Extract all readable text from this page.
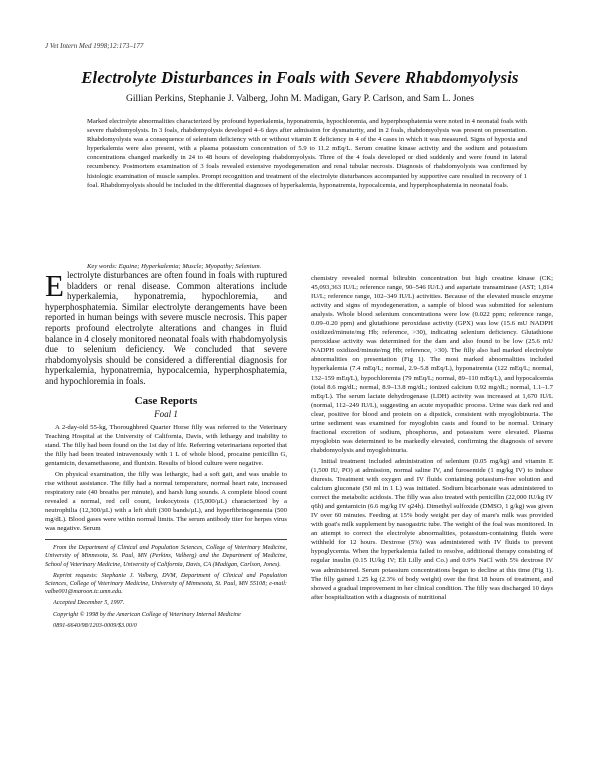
J Vet Intern Med 1998;12:173–177
Electrolyte Disturbances in Foals with Severe Rhabdomyolysis
Gillian Perkins, Stephanie J. Valberg, John M. Madigan, Gary P. Carlson, and Sam L. Jones
Marked electrolyte abnormalities characterized by profound hyperkalemia, hyponatremia, hypochloremia, and hyperphosphatemia were noted in 4 neonatal foals with severe rhabdomyolysis. In 3 foals, rhabdomyolysis developed 4–6 days after admission for dysmaturity, and in 2 foals, rhabdomyolysis was present on presentation. Rhabdomyolysis was a consequence of selenium deficiency with or without vitamin E deficiency in 4 of the 4 cases in which it was measured. Signs of hypoxia and hyperkalemia were also present, with a plasma potassium concentration of 5.9 to 11.2 mEq/L. Serum creatine kinase activity and the sodium and potassium concentrations changed markedly in 24 to 48 hours of developing rhabdomyolysis. Three of the 4 foals developed or died suddenly and were found in lateral recumbency. Postmortem examination of 3 foals revealed extensive myodegeneration and renal tubular necrosis. Diagnosis of rhabdomyolysis was confirmed by histologic examination of muscle samples. Prompt recognition and treatment of the electrolyte disturbances accompanied by supportive care resulted in recovery of 1 foal. Rhabdomyolysis should be included in the differential diagnoses of hyperkalemia, hyponatremia, hypocalcemia, and hyperphosphatemia in neonatal foals.
Key words: Equine; Hyperkalemia; Muscle; Myopathy; Selenium.
Electrolyte disturbances are often found in foals with ruptured bladders or renal disease. Common alterations include hyperkalemia, hyponatremia, hypochloremia, and hyperphosphatemia. Similar electrolyte derangements have been reported in human beings with severe muscle necrosis. This paper reports profound electrolyte alterations and changes in fluid balance in 4 closely monitored neonatal foals with rhabdomyolysis due to selenium deficiency. We concluded that severe rhabdomyolysis should be considered a differential diagnosis for hyperkalemia, hyponatremia, hypocalcemia, hyperphosphatemia, and hypochloremia in foals.
Case Reports
Foal 1

A 2-day-old 55-kg, Thoroughbred Quarter Horse filly was referred to the Veterinary Teaching Hospital at the University of California, Davis, with lethargy and inability to stand. The filly had been found on the 1st day of life. Referring veterinarians reported that the filly had been treated intravenously with 1 L of whole blood, procaine penicillin G, gentamicin, dexamethasone, and flunixin. Results of blood culture were negative.

On physical examination, the filly was lethargic, had a soft gait, and was unable to rise without assistance. The filly had a normal temperature, normal heart rate, increased respiratory rate (40 breaths per minute), and harsh lung sounds. A complete blood count revealed a normal, red cell count, leukocytosis (15,000/µL) characterized by a neutrophilia (12,300/µL) with a left shift (300 bands/µL), and hyperfibrinogenemia (500 mg/dL). Blood gases were within normal limits. The serum antibody titer for herpes virus was negative. Serum

From the Department of Clinical and Population Sciences, College of Veterinary Medicine, University of Minnesota, St. Paul, MN (Perkins, Valberg) and the Department of Medicine, School of Veterinary Medicine, University of California, Davis, CA (Madigan, Carlson, Jones).

Reprint requests: Stephanie J. Valberg, DVM, Department of Clinical and Population Sciences, College of Veterinary Medicine, University of Minnesota, St. Paul, MN 55108; e-mail: valbe001@maroon.tc.umn.edu.

Accepted December 5, 1997.

Copyright © 1998 by the American College of Veterinary Internal Medicine

0891-6640/98/1203-0009/$3.00/0

chemistry revealed normal bilirubin concentration but high creatine kinase (CK; 45,093,363 IU/L; reference range, 90–546 IU/L) and aspartate transaminase (AST; 1,814 IU/L; reference range, 102–349 IU/L) activities. Because of the elevated muscle enzyme activity and signs of myodegeneration, a sample of blood was submitted for selenium analysis. Whole blood selenium concentrations were low (0.022 ppm; reference range, 0.09–0.20 ppm) and glutathione peroxidase activity (GPX) was low (15.6 mU NADPH oxidized/minute/mg Hb; reference, >30), indicating selenium deficiency. Glutathione peroxidase activity was determined for the dam and also found to be low (25.6 mU NADPH oxidized/minute/mg Hb; reference, >30). The filly also had marked electrolyte abnormalities on presentation (Fig 1). The most marked abnormalities included hyperkalemia (7.4 mEq/L; normal, 2.9–5.8 mEq/L), hyponatremia (122 mEq/L; normal, 132–159 mEq/L), hypochloremia (79 mEq/L; normal, 89–110 mEq/L), and hypocalcemia (total 8.6 mg/dL; normal, 8.9–13.8 mg/dL; ionized calcium 0.92 mg/dL; normal, 1.1–1.7 mEq/L). The serum lactate dehydrogenase (LDH) activity was increased at 1,670 IU/L (normal, 112–249 IU/L), suggesting an acute myopathic process. Urine was dark red and clear, positive for blood and protein on a dipstick, consistent with myoglobinuria. The urine sediment was examined for myoglobin casts and found to be normal. Urinary fractional excretion of sodium, phosphorus, and potassium were elevated. Plasma myoglobin was determined to be markedly elevated, confirming the diagnosis of severe rhabdomyolysis and myoglobinuria.

Initial treatment included administration of selenium (0.05 mg/kg) and vitamin E (1,500 IU, PO) at admission, normal saline IV, and furosemide (1 mg/kg IV) to induce diuresis. Treatment with oxygen and IV fluids containing potassium-free solution and calcium gluconate (50 ml in 1 L) was initiated. Sodium bicarbonate was administered to correct the metabolic acidosis. The filly was also treated with penicillin (22,000 IU/kg IV q6h) and gentamicin (6.6 mg/kg IV q24h). Dimethyl sulfoxide (DMSO, 1 g/kg) was given IV over 60 minutes. Feeding at 15% body weight per day of mare's milk was provided with goat's milk supplement by nasogastric tube. The weight of the foal was monitored. In an attempt to correct the electrolyte abnormalities, potassium-containing fluids were withheld for 12 hours. Dextrose (5%) was administered with IV fluids to prevent hypoglycemia. When the hyperkalemia failed to resolve, additional therapy consisting of regular insulin (0.15 IU/kg IV; Eli Lilly and Co.) and 0.9% NaCl with 5% dextrose IV was administered. Serum potassium concentrations began to decline at this time (Fig 1). The filly gained 1.25 kg (2.3% of body weight) over the first 18 hours of treatment, and showed a gradual improvement in her clinical condition. The filly was discharged 10 days after hospitalization with a diagnosis of nutritional
